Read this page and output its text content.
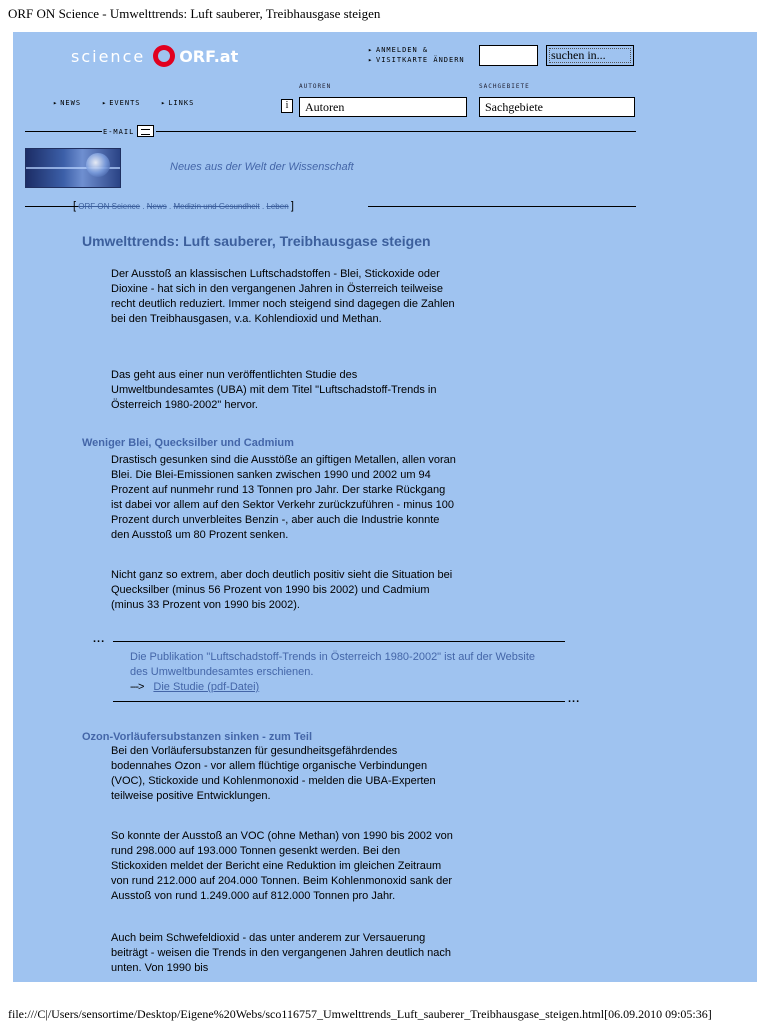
ORF ON Science - Umwelttrends: Luft sauberer, Treibhausgase steigen
science ORF.at	▸ ANMELDEN &
▸ VISITKARTE ÄNDERN	suchen in...
AUTOREN	SACHGEBIETE
▸ NEWS	▸ EVENTS	▸ LINKS	i	Autoren	Sachgebiete
E-MAIL
Neues aus der Welt der Wissenschaft
[ ORF ON Science . News . Medizin und Gesundheit . Leben ]
Umwelttrends: Luft sauberer, Treibhausgase steigen
Der Ausstoß an klassischen Luftschadstoffen - Blei, Stickoxide oder Dioxine - hat sich in den vergangenen Jahren in Österreich teilweise recht deutlich reduziert. Immer noch steigend sind dagegen die Zahlen bei den Treibhausgasen, v.a. Kohlendioxid und Methan.
Das geht aus einer nun veröffentlichten Studie des Umweltbundesamtes (UBA) mit dem Titel "Luftschadstoff-Trends in Österreich 1980-2002" hervor.
Weniger Blei, Quecksilber und Cadmium
Drastisch gesunken sind die Ausstöße an giftigen Metallen, allen voran Blei. Die Blei-Emissionen sanken zwischen 1990 und 2002 um 94 Prozent auf nunmehr rund 13 Tonnen pro Jahr. Der starke Rückgang ist dabei vor allem auf den Sektor Verkehr zurückzuführen - minus 100 Prozent durch unverbleites Benzin -, aber auch die Industrie konnte den Ausstoß um 80 Prozent senken.
Nicht ganz so extrem, aber doch deutlich positiv sieht die Situation bei Quecksilber (minus 56 Prozent von 1990 bis 2002) und Cadmium (minus 33 Prozent von 1990 bis 2002).
...
Die Publikation "Luftschadstoff-Trends in Österreich 1980-2002" ist auf der Website des Umweltbundesamtes erschienen.
---> Die Studie (pdf-Datei)
...
Ozon-Vorläufersubstanzen sinken - zum Teil
Bei den Vorläufersubstanzen für gesundheitsgefährdendes bodennahes Ozon - vor allem flüchtige organische Verbindungen (VOC), Stickoxide und Kohlenmonoxid - melden die UBA-Experten teilweise positive Entwicklungen.
So konnte der Ausstoß an VOC (ohne Methan) von 1990 bis 2002 von rund 298.000 auf 193.000 Tonnen gesenkt werden. Bei den Stickoxiden meldet der Bericht eine Reduktion im gleichen Zeitraum von rund 212.000 auf 204.000 Tonnen. Beim Kohlenmonoxid sank der Ausstoß von rund 1.249.000 auf 812.000 Tonnen pro Jahr.
Auch beim Schwefeldioxid - das unter anderem zur Versauerung beiträgt - weisen die Trends in den vergangenen Jahren deutlich nach unten. Von 1990 bis
file:///C|/Users/sensortime/Desktop/Eigene%20Webs/sco116757_Umwelttrends_Luft_sauberer_Treibhausgase_steigen.html[06.09.2010 09:05:36]
